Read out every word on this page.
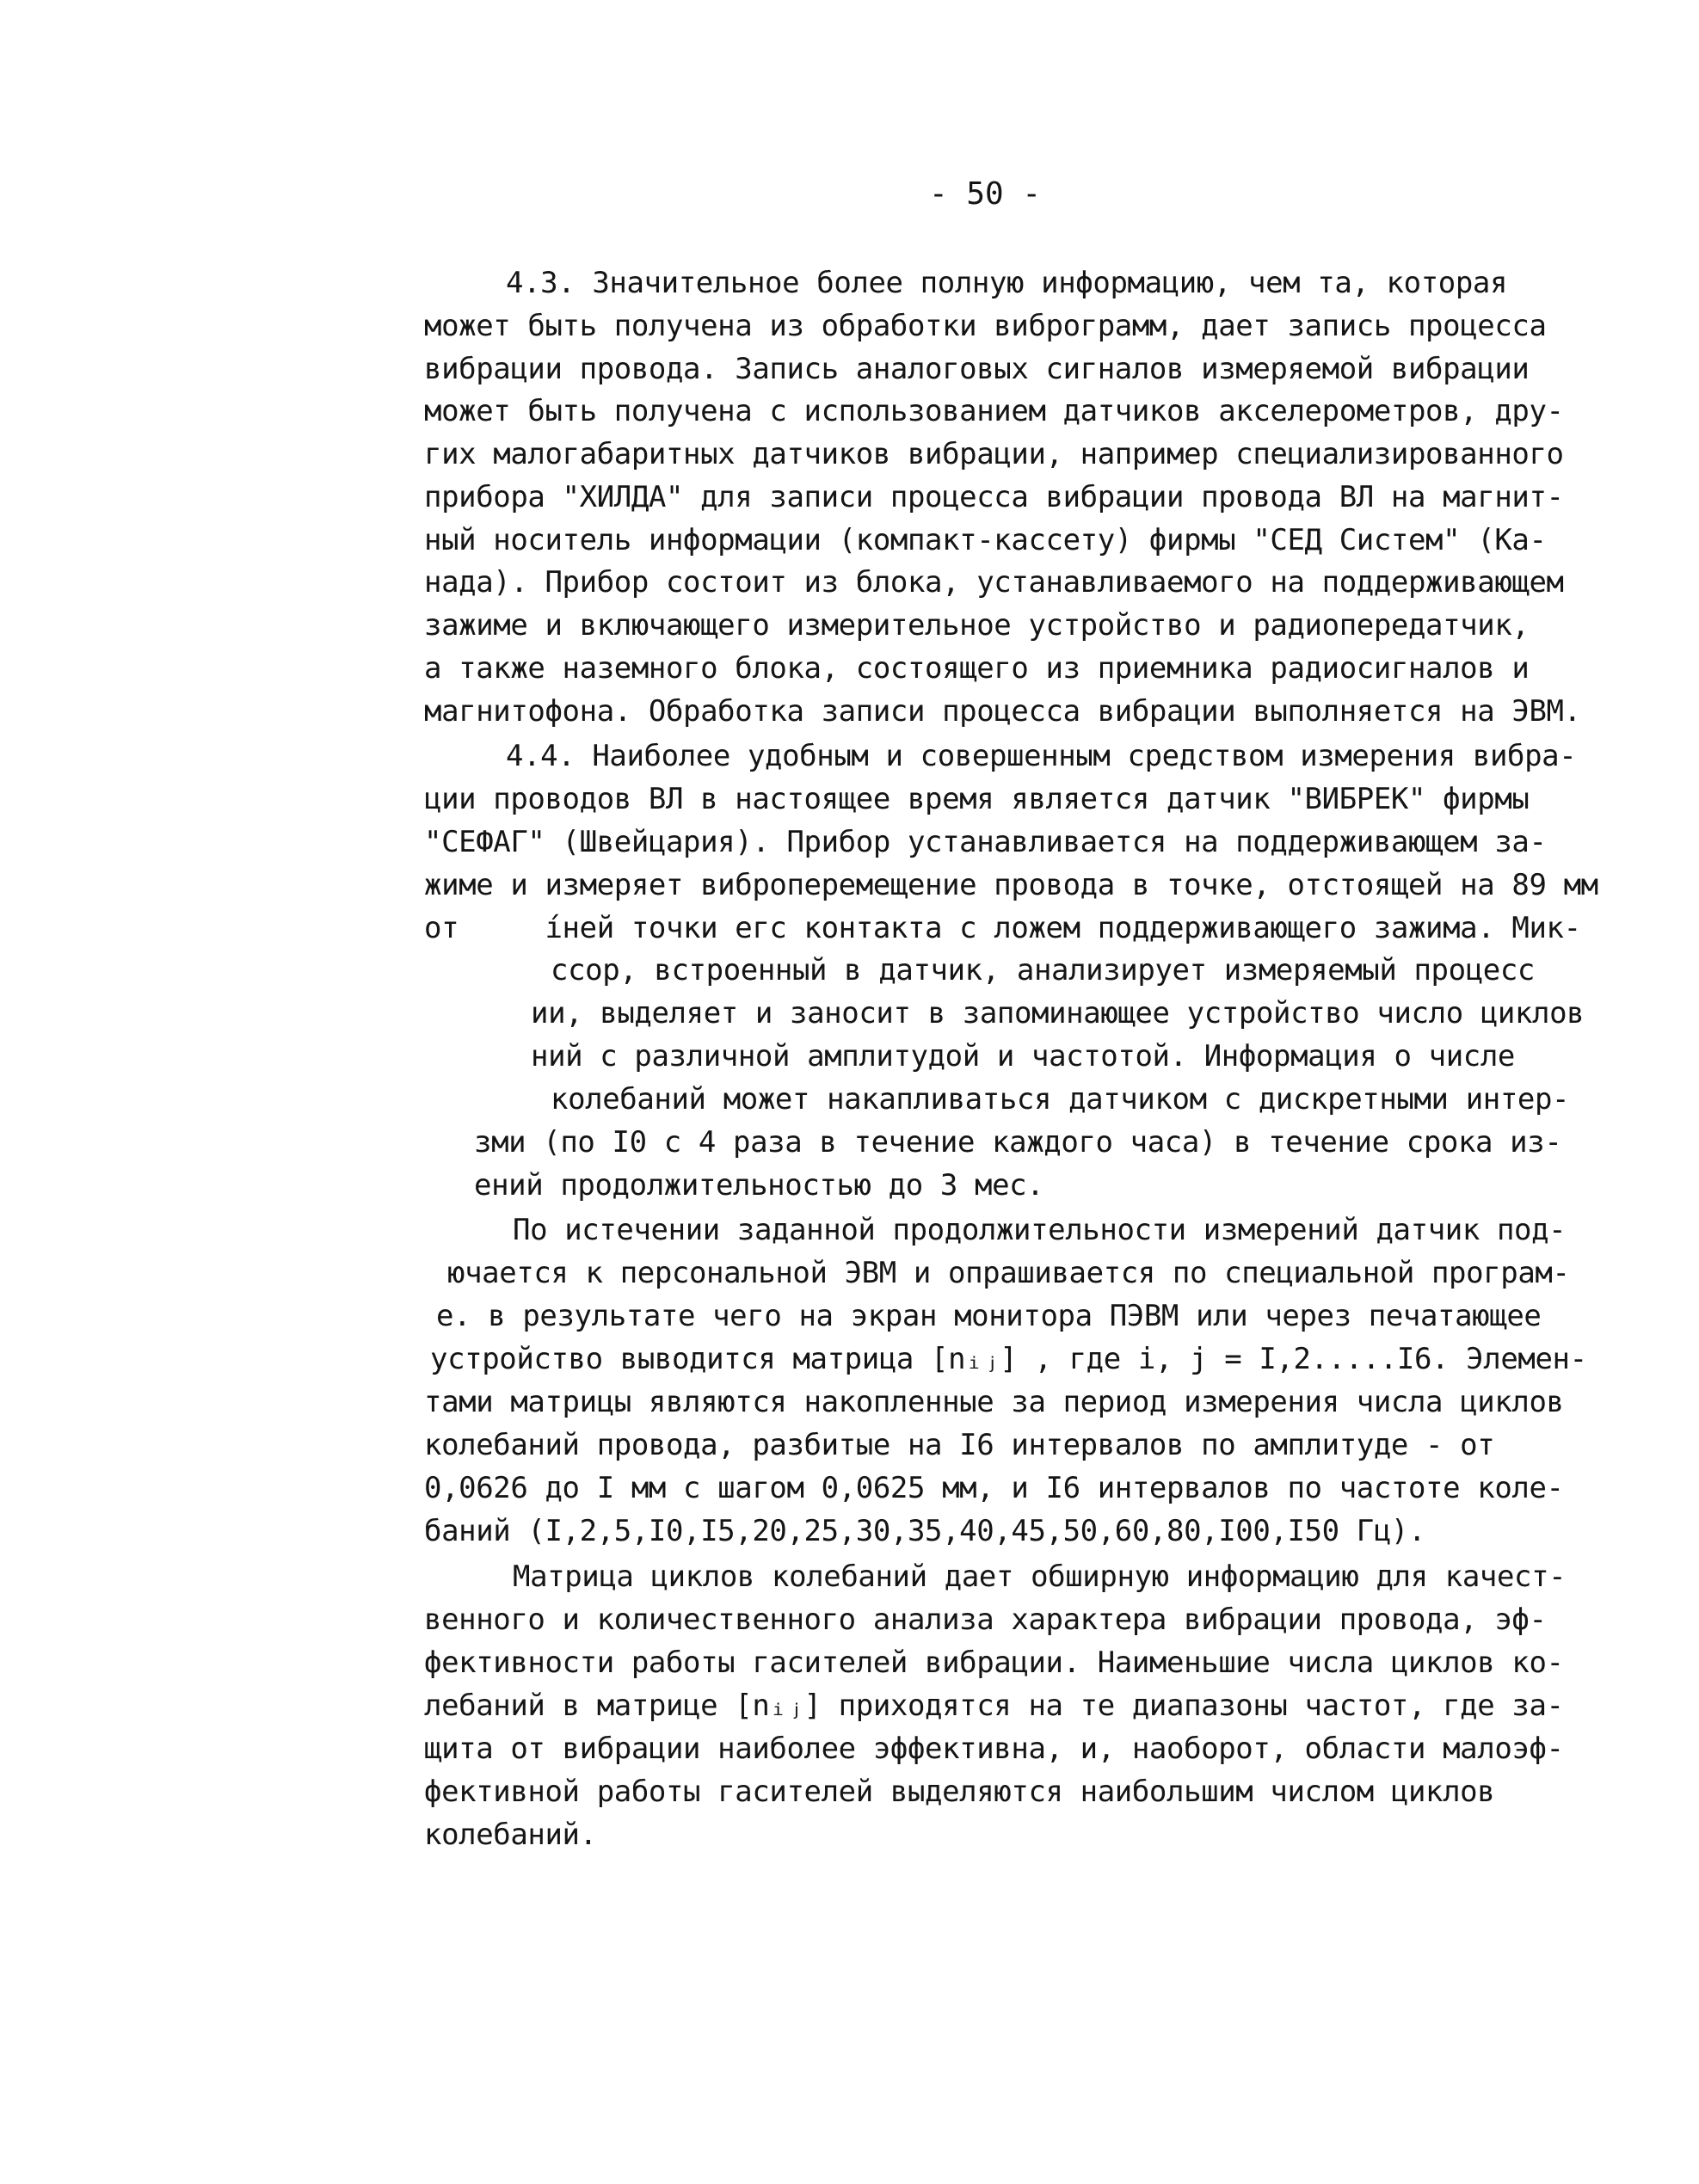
- 50 -
4.3. Значительное более полную информацию, чем та, которая
может быть получена из обработки виброграмм, дает запись процесса
вибрации провода. Запись аналоговых сигналов измеряемой вибрации
может быть получена с использованием датчиков акселерометров, дру-
гих малогабаритных датчиков вибрации, например специализированного
прибора "ХИЛДА" для записи процесса вибрации провода ВЛ на магнит-
ный носитель информации (компакт-кассету) фирмы "СЕД Систем" (Ка-
нада). Прибор состоит из блока, устанавливаемого на поддерживающем
зажиме и включающего измерительное устройство и радиопередатчик,
а также наземного блока, состоящего из приемника радиосигналов и
магнитофона. Обработка записи процесса вибрации выполняется на ЭВМ.
4.4. Наиболее удобным и совершенным средством измерения вибра-
ции проводов ВЛ в настоящее время является датчик "ВИБРЕК" фирмы
"СЕФАГ" (Швейцария). Прибор устанавливается на поддерживающем за-
жиме и измеряет виброперемещение провода в точке, отстоящей на 89 мм
от     íней точки егс контакта с ложем поддерживающего зажима. Мик-
ссор, встроенный в датчик, анализирует измеряемый процесс
ии, выделяет и заносит в запоминающее устройство число циклов
ний с различной амплитудой и частотой. Информация о числе
колебаний может накапливаться датчиком с дискретными интер-
зми (по I0 с 4 раза в течение каждого часа) в течение срока из-
ений продолжительностью до 3 мес.
По истечении заданной продолжительности измерений датчик под-
ючается к персональной ЭВМ и опрашивается по специальной програм-
е. в результате чего на экран монитора ПЭВМ или через печатающее
устройство выводится матрица [nᵢⱼ] , где i, j = I,2.....I6. Элемен-
тами матрицы являются накопленные за период измерения числа циклов
колебаний провода, разбитые на I6 интервалов по амплитуде - от
0,0626 до I мм с шагом 0,0625 мм, и I6 интервалов по частоте коле-
баний (I,2,5,I0,I5,20,25,30,35,40,45,50,60,80,I00,I50 Гц).
Матрица циклов колебаний дает обширную информацию для качест-
венного и количественного анализа характера вибрации провода, эф-
фективности работы гасителей вибрации. Наименьшие числа циклов ко-
лебаний в матрице [nᵢⱼ] приходятся на те диапазоны частот, где за-
щита от вибрации наиболее эффективна, и, наоборот, области малоэф-
фективной работы гасителей выделяются наибольшим числом циклов
колебаний.
